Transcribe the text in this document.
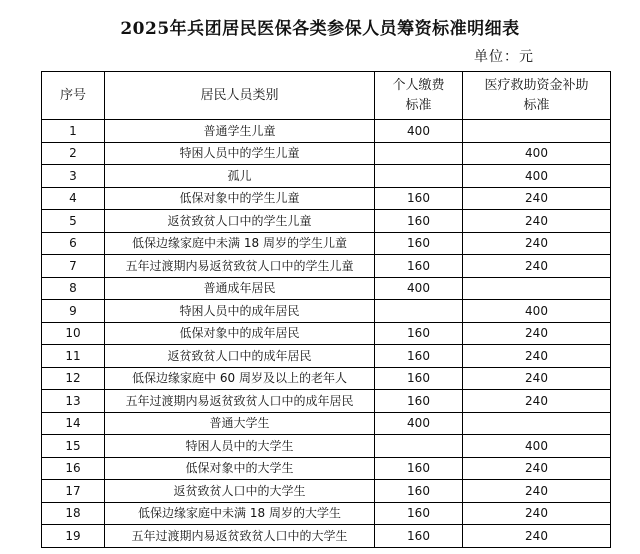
2025年兵团居民医保各类参保人员筹资标准明细表
单位：元
序号	居民人员类别	个人缴费标准	医疗救助资金补助标准
1	普通学生儿童	400	
2	特困人员中的学生儿童		400
3	孤儿		400
4	低保对象中的学生儿童	160	240
5	返贫致贫人口中的学生儿童	160	240
6	低保边缘家庭中未满 18 周岁的学生儿童	160	240
7	五年过渡期内易返贫致贫人口中的学生儿童	160	240
8	普通成年居民	400	
9	特困人员中的成年居民		400
10	低保对象中的成年居民	160	240
11	返贫致贫人口中的成年居民	160	240
12	低保边缘家庭中 60 周岁及以上的老年人	160	240
13	五年过渡期内易返贫致贫人口中的成年居民	160	240
14	普通大学生	400	
15	特困人员中的大学生		400
16	低保对象中的大学生	160	240
17	返贫致贫人口中的大学生	160	240
18	低保边缘家庭中未满 18 周岁的大学生	160	240
19	五年过渡期内易返贫致贫人口中的大学生	160	240
